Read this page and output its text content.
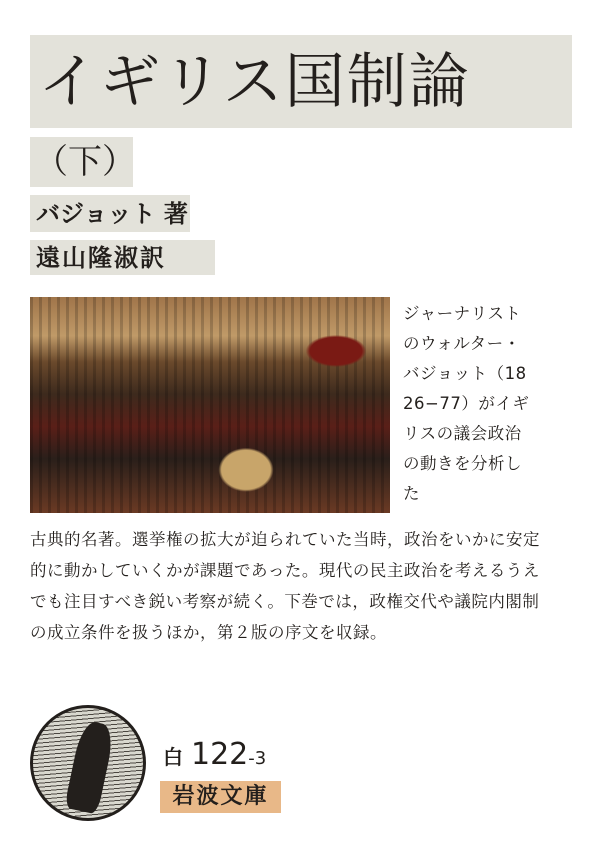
イギリス国制論
（下）
バジョット 著
遠山隆淑訳
ジャーナリストのウォルター・バジョット（1826−77）がイギリスの議会政治の動きを分析した
古典的名著。選挙権の拡大が迫られていた当時，政治をいかに安定的に動かしていくかが課題であった。現代の民主政治を考えるうえでも注目すべき鋭い考察が続く。下巻では，政権交代や議院内閣制の成立条件を扱うほか，第２版の序文を収録。
白 122-3
岩波文庫
